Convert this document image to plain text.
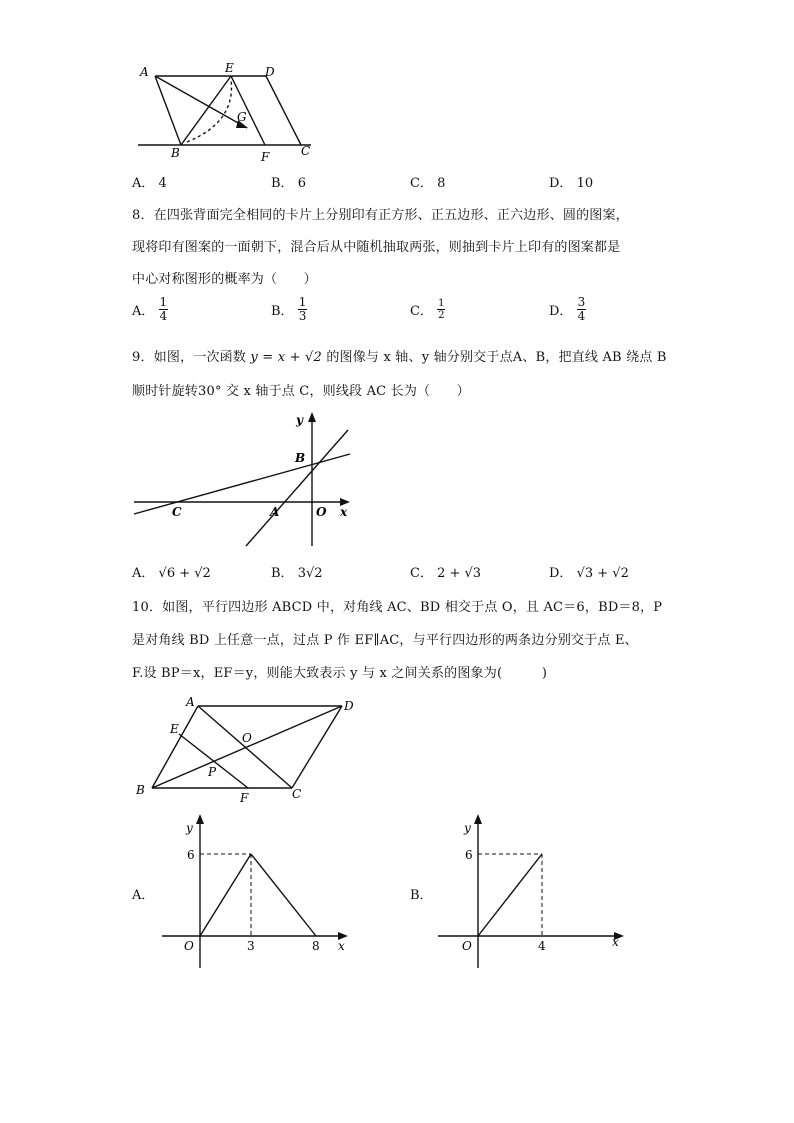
A	E	D
G
B	F	C
A． 4	B． 6	C． 8	D． 10
8．在四张背面完全相同的卡片上分别印有正方形、正五边形、正六边形、圆的图案，
现将印有图案的一面朝下，混合后从中随机抽取两张，则抽到卡片上印有的图案都是
中心对称图形的概率为（　　）
A． $\frac{1}{4}$	B． $\frac{1}{3}$	C． $\frac{1}{2}$	D． $\frac{3}{4}$
9．如图，一次函数 y = x + √2 的图像与 x 轴、y 轴分别交于点A、B，把直线 AB 绕点 B
顺时针旋转30° 交 x 轴于点 C，则线段 AC 长为（　　）
y
B
C	A	O x
A． √6 + √2	B． 3√2	C． 2 + √3	D． √3 + √2
10．如图，平行四边形 ABCD 中，对角线 AC、BD 相交于点 O，且 AC＝6，BD＝8，P
是对角线 BD 上任意一点，过点 P 作 EF∥AC，与平行四边形的两条边分别交于点 E、
F.设 BP＝x，EF＝y，则能大致表示 y 与 x 之间关系的图象为(　　　)
A	D
E
O
P
B
F	C
A．
y
x
O
6
3	8
B．
y
x
O
6
4
